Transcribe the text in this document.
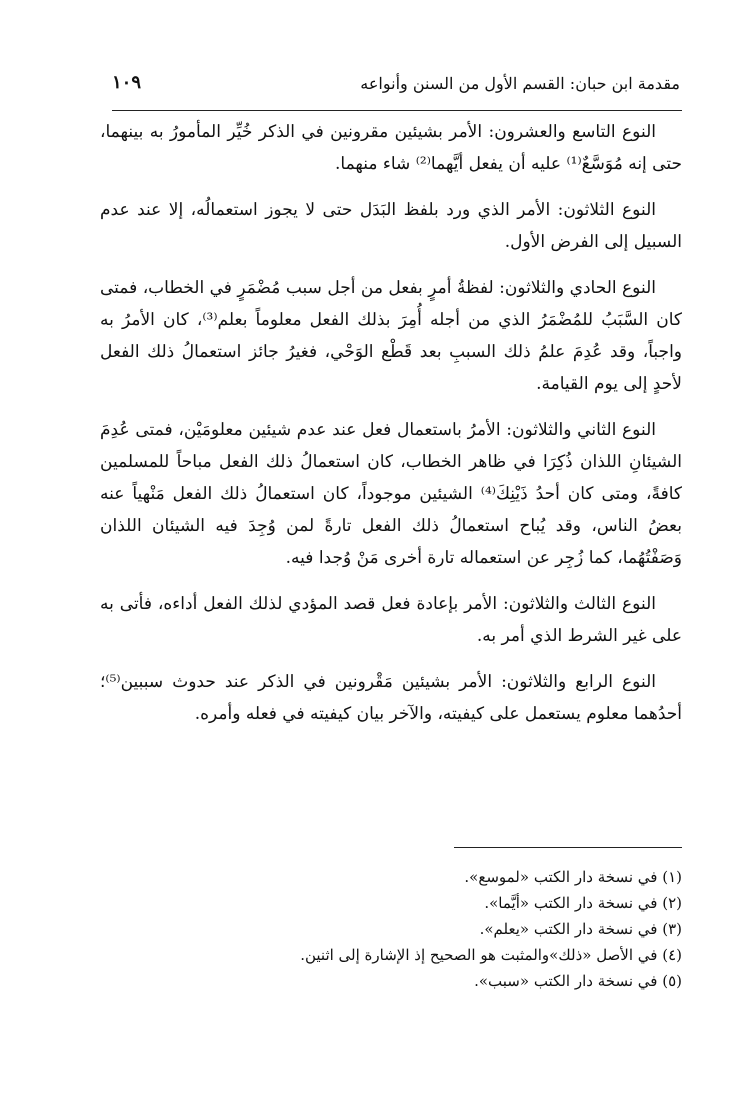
مقدمة ابن حبان: القسم الأول من السنن وأنواعه
١٠٩

النوع التاسع والعشرون: الأمر بشيئين مقرونين في الذكر خُيِّر المأمورُ به بينهما، حتى إنه مُوَسَّعٌ⁽¹⁾ عليه أن يفعل أيَّهما⁽²⁾ شاء منهما.

النوع الثلاثون: الأمر الذي ورد بلفظ البَدَل حتى لا يجوز استعمالُه، إلا عند عدم السبيل إلى الفرض الأول.

النوع الحادي والثلاثون: لفظةُ أمرٍ بفعل من أجل سبب مُضْمَرٍ في الخطاب، فمتى كان السَّبَبُ للمُضْمَرُ الذي من أجله أُمِرَ بذلك الفعل معلوماً بعلم⁽³⁾، كان الأمرُ به واجباً، وقد عُدِمَ علمُ ذلك السببِ بعد قَطْع الوَحْي، فغيرُ جائز استعمالُ ذلك الفعل لأحدٍ إلى يوم القيامة.

النوع الثاني والثلاثون: الأمرُ باستعمال فعل عند عدم شيئين معلومَيْن، فمتى عُدِمَ الشيئانِ اللذان ذُكِرَا في ظاهر الخطاب، كان استعمالُ ذلك الفعل مباحاً للمسلمين كافةً، ومتى كان أحدُ ذَيْنِكَ⁽⁴⁾ الشيئين موجوداً، كان استعمالُ ذلك الفعل مَنْهياً عنه بعضُ الناس، وقد يُباح استعمالُ ذلك الفعل تارةً لمن وُجِدَ فيه الشيئان اللذان وَصَفْتُهُما، كما زُجِر عن استعماله تارة أخرى مَنْ وُجدا فيه.

النوع الثالث والثلاثون: الأمر بإعادة فعل قصد المؤدي لذلك الفعل أداءه، فأتى به على غير الشرط الذي أمر به.

النوع الرابع والثلاثون: الأمر بشيئين مَقْرونين في الذكر عند حدوث سببين⁽⁵⁾؛ أحدُهما معلوم يستعمل على كيفيته، والآخر بيان كيفيته في فعله وأمره.

(١) في نسخة دار الكتب «لموسع».
(٢) في نسخة دار الكتب «أيَّما».
(٣) في نسخة دار الكتب «يعلم».
(٤) في الأصل «ذلك»والمثبت هو الصحيح إذ الإشارة إلى اثنين.
(٥) في نسخة دار الكتب «سبب».
